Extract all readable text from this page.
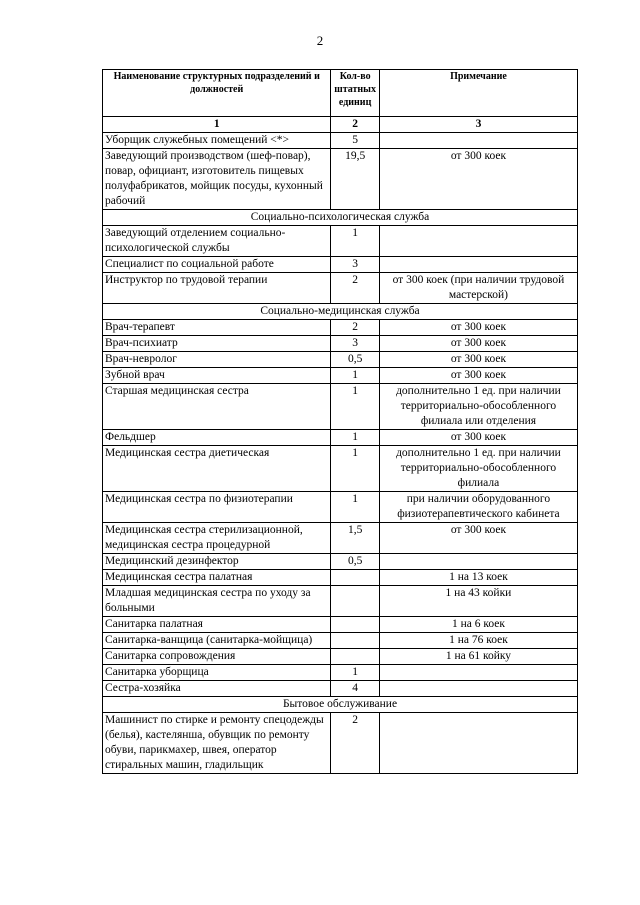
2
Наименование структурных подразделений и должностей	Кол-во штатных единиц	Примечание
1	2	3
Уборщик служебных помещений <*>	5	
Заведующий производством (шеф-повар), повар, официант, изготовитель пищевых полуфабрикатов, мойщик посуды, кухонный рабочий	19,5	от 300 коек
Социально-психологическая служба		
Заведующий отделением социально-психологической службы	1	
Специалист по социальной работе	3	
Инструктор по трудовой терапии	2	от 300 коек (при наличии трудовой мастерской)
Социально-медицинская служба		
Врач-терапевт	2	от 300 коек
Врач-психиатр	3	от 300 коек
Врач-невролог	0,5	от 300 коек
Зубной врач	1	от 300 коек
Старшая медицинская сестра	1	дополнительно 1 ед. при наличии территориально-обособленного филиала или отделения
Фельдшер	1	от 300 коек
Медицинская сестра диетическая	1	дополнительно 1 ед. при наличии территориально-обособленного филиала
Медицинская сестра по физиотерапии	1	при наличии оборудованного физиотерапевтического кабинета
Медицинская сестра стерилизационной, медицинская сестра процедурной	1,5	от 300 коек
Медицинский дезинфектор	0,5	
Медицинская сестра палатная		1 на 13 коек
Младшая медицинская сестра по уходу за больными		1 на 43 койки
Санитарка палатная		1 на 6 коек
Санитарка-ванщица (санитарка-мойщица)		1 на 76 коек
Санитарка сопровождения		1 на 61 койку
Санитарка уборщица	1	
Сестра-хозяйка	4	
Бытовое обслуживание		
Машинист по стирке и ремонту спецодежды (белья), кастелянша, обувщик по ремонту обуви, парикмахер, швея, оператор стиральных машин, гладильщик	2	
